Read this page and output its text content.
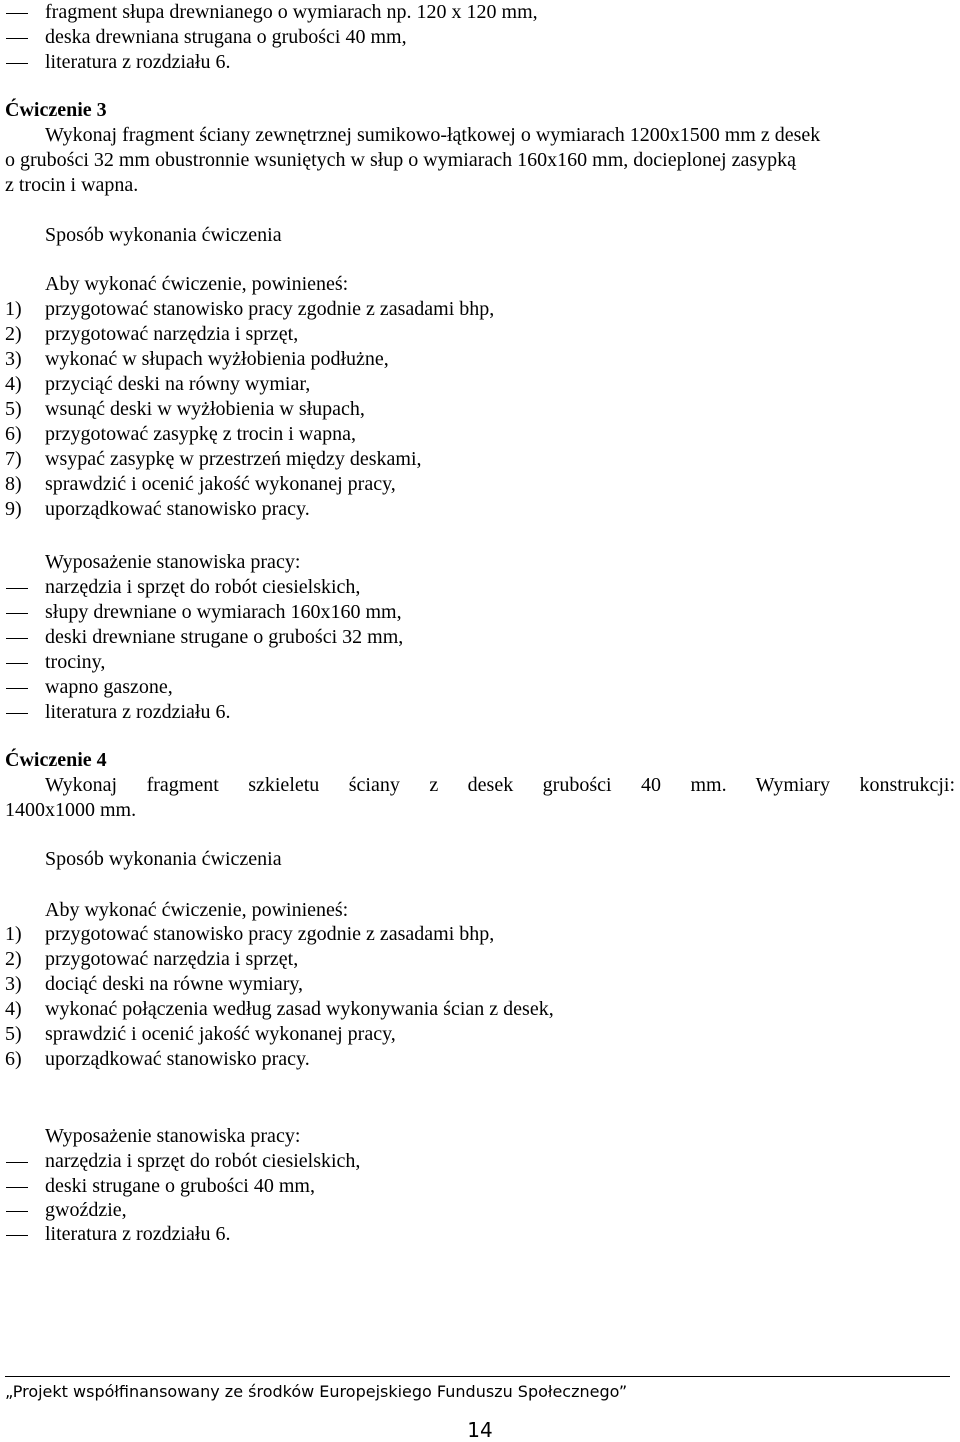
fragment słupa drewnianego o wymiarach np. 120 x 120 mm,
deska drewniana strugana o grubości 40 mm,
literatura z rozdziału 6.
Ćwiczenie 3
Wykonaj fragment ściany zewnętrznej sumikowo-łątkowej o wymiarach 1200x1500 mm z desek
o grubości 32 mm obustronnie wsuniętych w słup o wymiarach 160x160 mm, docieplonej zasypką
z trocin i wapna.
Sposób wykonania ćwiczenia
Aby wykonać ćwiczenie, powinieneś:
1) przygotować stanowisko pracy zgodnie z zasadami bhp,
2) przygotować narzędzia i sprzęt,
3) wykonać w słupach wyżłobienia podłużne,
4) przyciąć deski na równy wymiar,
5) wsunąć deski w wyżłobienia w słupach,
6) przygotować zasypkę z trocin i wapna,
7) wsypać zasypkę w przestrzeń między deskami,
8) sprawdzić i ocenić jakość wykonanej pracy,
9) uporządkować stanowisko pracy.
Wyposażenie stanowiska pracy:
narzędzia i sprzęt do robót ciesielskich,
słupy drewniane o wymiarach 160x160 mm,
deski drewniane strugane o grubości 32 mm,
trociny,
wapno gaszone,
literatura z rozdziału 6.
Ćwiczenie 4
Wykonaj fragment szkieletu ściany z desek grubości 40 mm. Wymiary konstrukcji:
1400x1000 mm.
Sposób wykonania ćwiczenia
Aby wykonać ćwiczenie, powinieneś:
1) przygotować stanowisko pracy zgodnie z zasadami bhp,
2) przygotować narzędzia i sprzęt,
3) dociąć deski na równe wymiary,
4) wykonać połączenia według zasad wykonywania ścian z desek,
5) sprawdzić i ocenić jakość wykonanej pracy,
6) uporządkować stanowisko pracy.
Wyposażenie stanowiska pracy:
narzędzia i sprzęt do robót ciesielskich,
deski strugane o grubości 40 mm,
gwoździe,
literatura z rozdziału 6.
„Projekt współfinansowany ze środków Europejskiego Funduszu Społecznego”
14
